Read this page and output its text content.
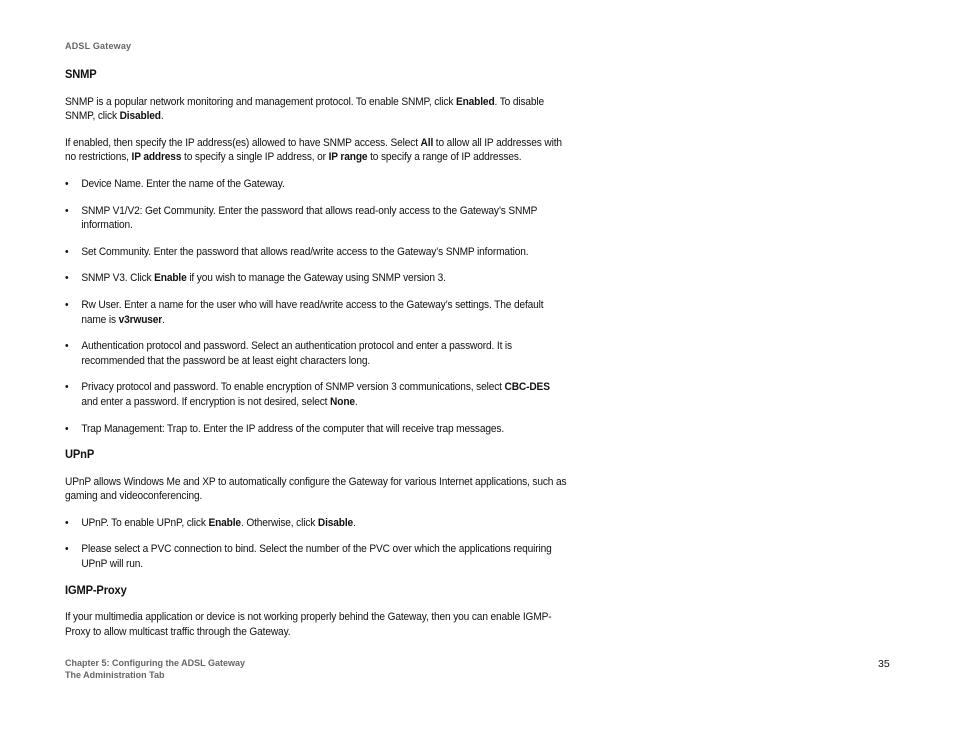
ADSL Gateway
SNMP

SNMP is a popular network monitoring and management protocol. To enable SNMP, click Enabled. To disable SNMP, click Disabled.

If enabled, then specify the IP address(es) allowed to have SNMP access. Select All to allow all IP addresses with no restrictions, IP address to specify a single IP address, or IP range to specify a range of IP addresses.

• Device Name. Enter the name of the Gateway.
• SNMP V1/V2: Get Community. Enter the password that allows read-only access to the Gateway’s SNMP information.
• Set Community. Enter the password that allows read/write access to the Gateway’s SNMP information.
• SNMP V3. Click Enable if you wish to manage the Gateway using SNMP version 3.
• Rw User. Enter a name for the user who will have read/write access to the Gateway’s settings. The default name is v3rwuser.
• Authentication protocol and password. Select an authentication protocol and enter a password. It is recommended that the password be at least eight characters long.
• Privacy protocol and password. To enable encryption of SNMP version 3 communications, select CBC-DES and enter a password. If encryption is not desired, select None.
• Trap Management: Trap to. Enter the IP address of the computer that will receive trap messages.
UPnP

UPnP allows Windows Me and XP to automatically configure the Gateway for various Internet applications, such as gaming and videoconferencing.

• UPnP. To enable UPnP, click Enable. Otherwise, click Disable.
• Please select a PVC connection to bind. Select the number of the PVC over which the applications requiring UPnP will run.
IGMP-Proxy

If your multimedia application or device is not working properly behind the Gateway, then you can enable IGMP-Proxy to allow multicast traffic through the Gateway.

Chapter 5: Configuring the ADSL Gateway
The Administration Tab
35
